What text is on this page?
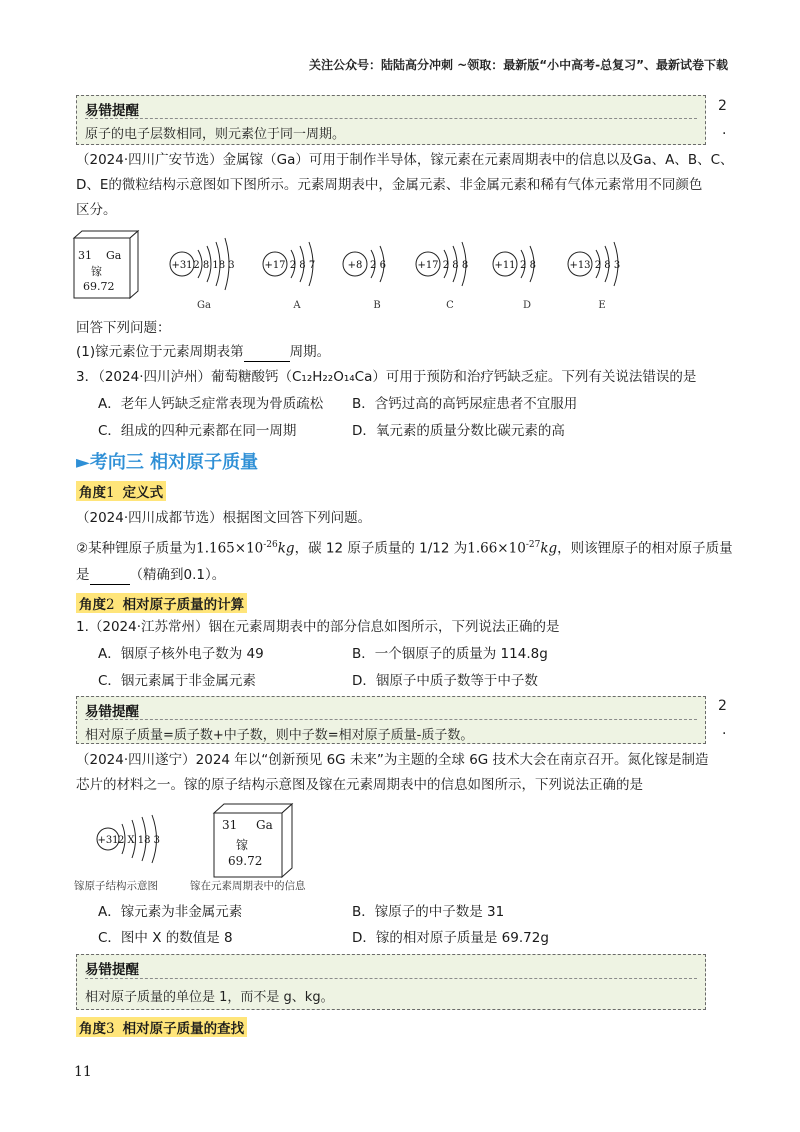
关注公众号：陆陆高分冲刺 ~领取：最新版“小中高考-总复习”、最新试卷下载
易错提醒
原子的电子层数相同，则元素位于同一周期。
2
.
（2024·四川广安节选）金属镓（Ga）可用于制作半导体，镓元素在元素周期表中的信息以及Ga、A、B、C、
D、E的微粒结构示意图如下图所示。元素周期表中，金属元素、非金属元素和稀有气体元素常用不同颜色
区分。
31 Ga
镓
69.72
+31 2 8 18 3
Ga
+17 2 8 7
A
+8 2 6
B
+17 2 8 8
C
+11 2 8
D
+13 2 8 3
E
回答下列问题：
(1)镓元素位于元素周期表第	周期。
3．（2024·四川泸州）葡萄糖酸钙（C₁₂H₂₂O₁₄Ca）可用于预防和治疗钙缺乏症。下列有关说法错误的是
A．老年人钙缺乏症常表现为骨质疏松 B．含钙过高的高钙尿症患者不宜服用
C．组成的四种元素都在同一周期	D．氧元素的质量分数比碳元素的高
►考向三 相对原子质量
角度1 定义式
（2024·四川成都节选）根据图文回答下列问题。
②某种锂原子质量为$1.165\times 10^{-26}kg$，碳 12 原子质量的 1/12 为$1.66\times 10^{-27}kg$，则该锂原子的相对原子质量
是	（精确到0.1）。
角度2 相对原子质量的计算
1.（2024·江苏常州）铟在元素周期表中的部分信息如图所示，下列说法正确的是
A．铟原子核外电子数为 49	B．一个铟原子的质量为 114.8g
C．铟元素属于非金属元素	D．铟原子中质子数等于中子数
易错提醒
相对原子质量=质子数+中子数，则中子数=相对原子质量-质子数。
2
.
（2024·四川遂宁）2024 年以“创新预见 6G 未来”为主题的全球 6G 技术大会在南京召开。氮化镓是制造
芯片的材料之一。镓的原子结构示意图及镓在元素周期表中的信息如图所示，下列说法正确的是
+31 2 X 18 3
31 Ga
镓
69.72
镓原子结构示意图	镓在元素周期表中的信息
A．镓元素为非金属元素	B．镓原子的中子数是 31
C．图中 X 的数值是 8	D．镓的相对原子质量是 69.72g
易错提醒
相对原子质量的单位是 1，而不是 g、kg。
角度3 相对原子质量的查找
11
